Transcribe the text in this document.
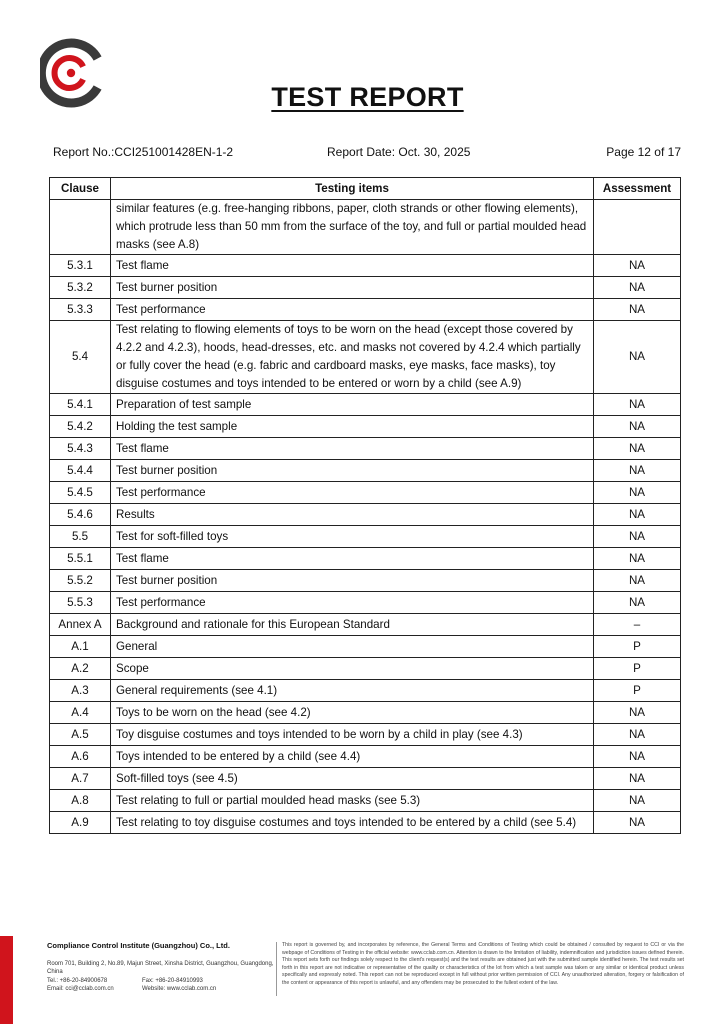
TEST REPORT
Report No.:CCI251001428EN-1-2	Report Date: Oct. 30, 2025	Page 12 of 17
Clause	Testing items	Assessment
	similar features (e.g. free-hanging ribbons, paper, cloth strands or other flowing elements), which protrude less than 50 mm from the surface of the toy, and full or partial moulded head masks (see A.8)	
5.3.1	Test flame	NA
5.3.2	Test burner position	NA
5.3.3	Test performance	NA
5.4	Test relating to flowing elements of toys to be worn on the head (except those covered by 4.2.2 and 4.2.3), hoods, head-dresses, etc. and masks not covered by 4.2.4 which partially or fully cover the head (e.g. fabric and cardboard masks, eye masks, face masks), toy disguise costumes and toys intended to be entered or worn by a child (see A.9)	NA
5.4.1	Preparation of test sample	NA
5.4.2	Holding the test sample	NA
5.4.3	Test flame	NA
5.4.4	Test burner position	NA
5.4.5	Test performance	NA
5.4.6	Results	NA
5.5	Test for soft-filled toys	NA
5.5.1	Test flame	NA
5.5.2	Test burner position	NA
5.5.3	Test performance	NA
Annex A	Background and rationale for this European Standard	–
A.1	General	P
A.2	Scope	P
A.3	General requirements (see 4.1)	P
A.4	Toys to be worn on the head (see 4.2)	NA
A.5	Toy disguise costumes and toys intended to be worn by a child in play (see 4.3)	NA
A.6	Toys intended to be entered by a child (see 4.4)	NA
A.7	Soft-filled toys (see 4.5)	NA
A.8	Test relating to full or partial moulded head masks (see 5.3)	NA
A.9	Test relating to toy disguise costumes and toys intended to be entered by a child (see 5.4)	NA
Compliance Control Institute (Guangzhou) Co., Ltd.
Room 701, Building 2, No.89, Majun Street, Xinsha District, Guangzhou, Guangdong, China
Tel.: +86-20-84900678	Fax: +86-20-84910993
Email: cci@cclab.com.cn	Website: www.cclab.com.cn
This report is governed by, and incorporates by reference, the General Terms and Conditions of Testing which could be obtained / consulted by request to CCI or via the webpage of Conditions of Testing in the official website: www.cclab.com.cn. Attention is drawn to the limitation of liability, indemnification and jurisdiction issues defined therein. This report sets forth our findings solely respect to the client's request(s) and the test results are obtained just with the submitted sample identified herein. The test results set forth in this report are not indicative or representative of the quality or characteristics of the lot from which a test sample was taken or any similar or identical product unless specifically and expressly noted. This report can not be reproduced except in full without prior written permission of CCI. Any unauthorized alteration, forgery or falsification of the content or appearance of this report is unlawful, and any offenders may be prosecuted to the fullest extent of the law.
